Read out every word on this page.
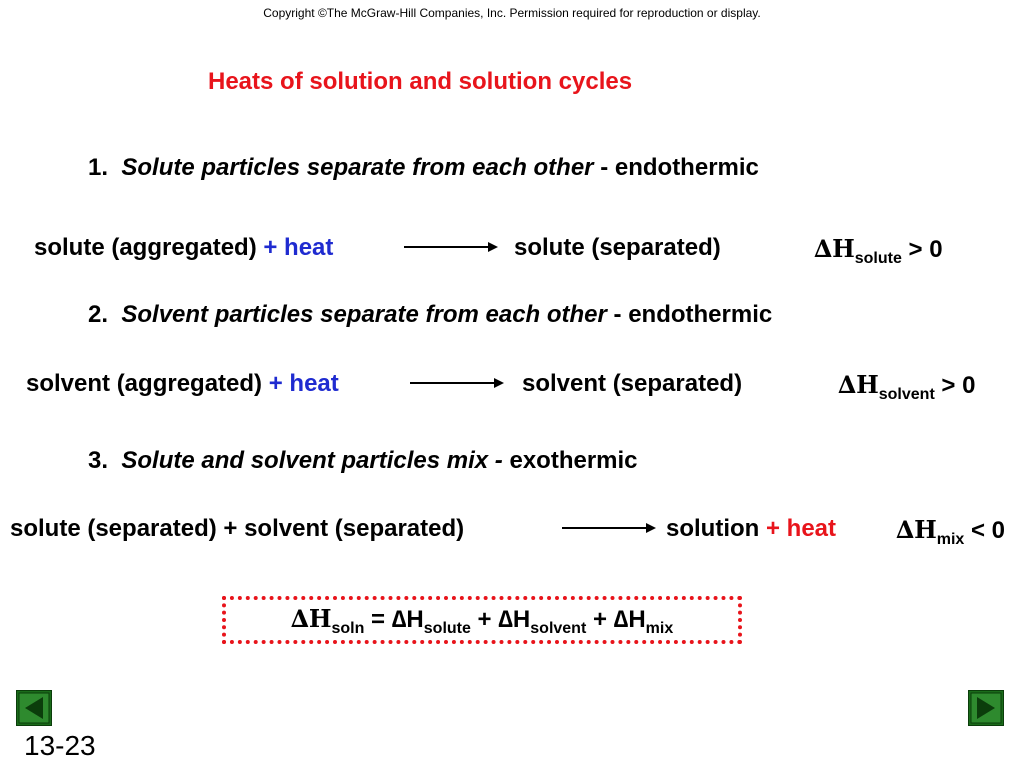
Copyright ©The McGraw-Hill Companies, Inc. Permission required for reproduction or display.
Heats of solution and solution cycles
1. Solute particles separate from each other - endothermic
solute (aggregated) + heat	solute (separated)	$\Delta H_{solute} > 0$
2. Solvent particles separate from each other - endothermic
solvent (aggregated) + heat	solvent (separated)	$\Delta H_{solvent} > 0$
3. Solute and solvent particles mix - exothermic
solute (separated) + solvent (separated)	solution + heat $\Delta H_{mix} < 0$
$\Delta H_{soln} = \Delta H_{solute} + \Delta H_{solvent} + \Delta H_{mix}$
13-23
